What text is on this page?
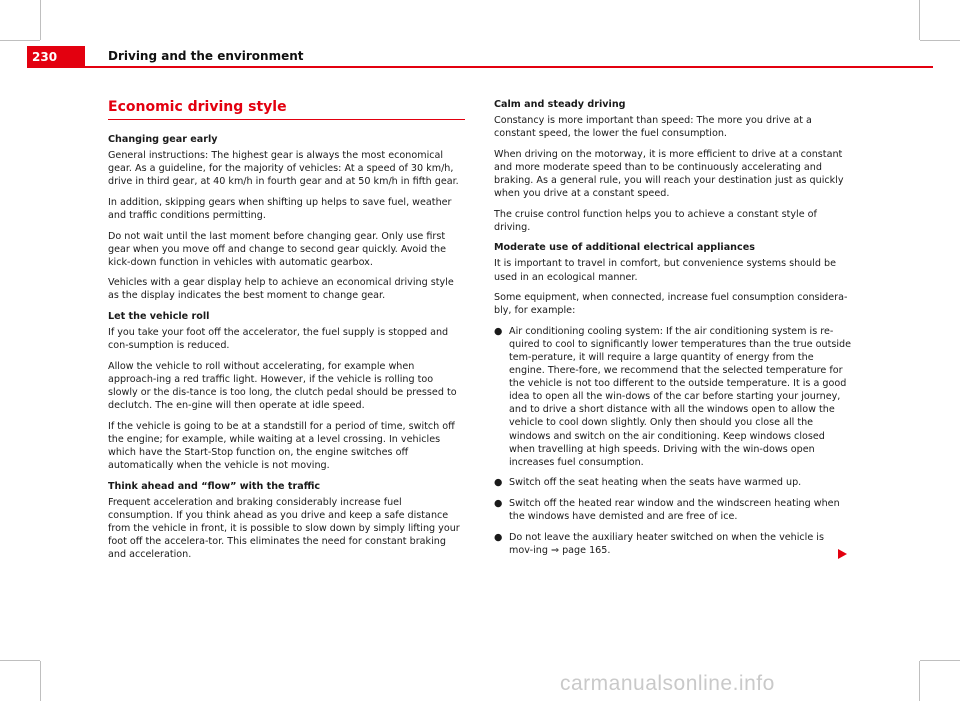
230	Driving and the environment
Economic driving style

Changing gear early

General instructions: The highest gear is always the most economical gear. As a guideline, for the majority of vehicles: At a speed of 30 km/h, drive in third gear, at 40 km/h in fourth gear and at 50 km/h in fifth gear.

In addition, skipping gears when shifting up helps to save fuel, weather and traffic conditions permitting.

Do not wait until the last moment before changing gear. Only use first gear when you move off and change to second gear quickly. Avoid the kick-down function in vehicles with automatic gearbox.

Vehicles with a gear display help to achieve an economical driving style as the display indicates the best moment to change gear.

Let the vehicle roll

If you take your foot off the accelerator, the fuel supply is stopped and con-sumption is reduced.

Allow the vehicle to roll without accelerating, for example when approach-ing a red traffic light. However, if the vehicle is rolling too slowly or the dis-tance is too long, the clutch pedal should be pressed to declutch. The en-gine will then operate at idle speed.

If the vehicle is going to be at a standstill for a period of time, switch off the engine; for example, while waiting at a level crossing. In vehicles which have the Start-Stop function on, the engine switches off automatically when the vehicle is not moving.

Think ahead and “flow” with the traffic

Frequent acceleration and braking considerably increase fuel consumption. If you think ahead as you drive and keep a safe distance from the vehicle in front, it is possible to slow down by simply lifting your foot off the accelera-tor. This eliminates the need for constant braking and acceleration.

Calm and steady driving

Constancy is more important than speed: The more you drive at a constant speed, the lower the fuel consumption.

When driving on the motorway, it is more efficient to drive at a constant and more moderate speed than to be continuously accelerating and braking. As a general rule, you will reach your destination just as quickly when you drive at a constant speed.

The cruise control function helps you to achieve a constant style of driving.

Moderate use of additional electrical appliances

It is important to travel in comfort, but convenience systems should be used in an ecological manner.

Some equipment, when connected, increase fuel consumption considera-bly, for example:

● Air conditioning cooling system: If the air conditioning system is re-quired to cool to significantly lower temperatures than the true outside tem-perature, it will require a large quantity of energy from the engine. There-fore, we recommend that the selected temperature for the vehicle is not too different to the outside temperature. It is a good idea to open all the win-dows of the car before starting your journey, and to drive a short distance with all the windows open to allow the vehicle to cool down slightly. Only then should you close all the windows and switch on the air conditioning. Keep windows closed when travelling at high speeds. Driving with the win-dows open increases fuel consumption.
● Switch off the seat heating when the seats have warmed up.
● Switch off the heated rear window and the windscreen heating when the windows have demisted and are free of ice.
● Do not leave the auxiliary heater switched on when the vehicle is mov-ing ⇒ page 165.
carmanualsonline.info
